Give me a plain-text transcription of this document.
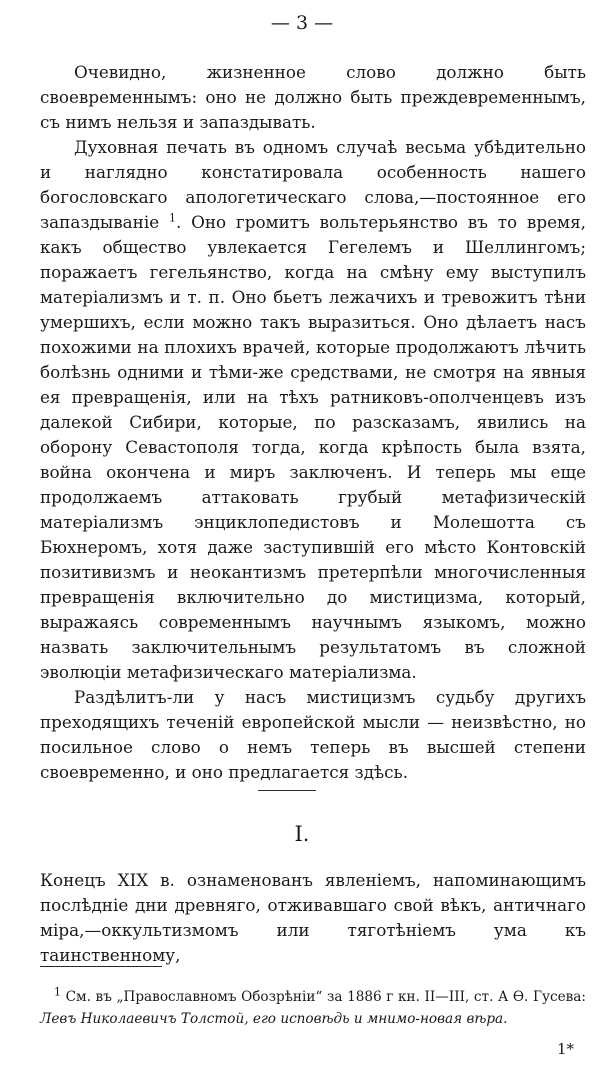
— 3 —

Очевидно, жизненное слово должно быть своевременнымъ: оно не должно быть преждевременнымъ, съ нимъ нельзя и запаздывать.

Духовная печать въ одномъ случаѣ весьма убѣдительно и наглядно констатировала особенность нашего богословскаго апологетическаго слова,—постоянное его запаздываніе $^1$. Оно громитъ вольтерьянство въ то время, какъ общество увлекается Гегелемъ и Шеллингомъ; поражаетъ гегельянство, когда на смѣну ему выступилъ матеріализмъ и т. п. Оно бьетъ лежачихъ и тревожитъ тѣни умершихъ, если можно такъ выразиться. Оно дѣлаетъ насъ похожими на плохихъ врачей, которые продолжаютъ лѣчить болѣзнь одними и тѣми-же средствами, не смотря на явныя ея превращенія, или на тѣхъ ратниковъ-ополченцевъ изъ далекой Сибири, которые, по разсказамъ, явились на оборону Севастополя тогда, когда крѣпость была взята, война окончена и миръ заключенъ. И теперь мы еще продолжаемъ аттаковать грубый метафизическій матеріализмъ энциклопедистовъ и Молешотта съ Бюхнеромъ, хотя даже заступившій его мѣсто Контовскій позитивизмъ и неокантизмъ претерпѣли многочисленныя превращенія включительно до мистицизма, который, выражаясь современнымъ научнымъ языкомъ, можно назвать заключительнымъ результатомъ въ сложной эволюціи метафизическаго матеріализма.

Раздѣлитъ-ли у насъ мистицизмъ судьбу другихъ преходящихъ теченій европейской мысли — неизвѣстно, но посильное слово о немъ теперь въ высшей степени своевременно, и оно предлагается здѣсь.

I.

Конецъ XIX в. ознаменованъ явленіемъ, напоминающимъ послѣдніе дни древняго, отживавшаго свой вѣкъ, античнаго міра,—оккультизмомъ или тяготѣніемъ ума къ таинственному,

$^1$ См. въ „Православномъ Обозрѣніи“ за 1886 г кн. II—III, ст. А Ө. Гусева: Левъ Николаевичъ Толстой, его исповѣдь и мнимо-новая вѣра.

1*
